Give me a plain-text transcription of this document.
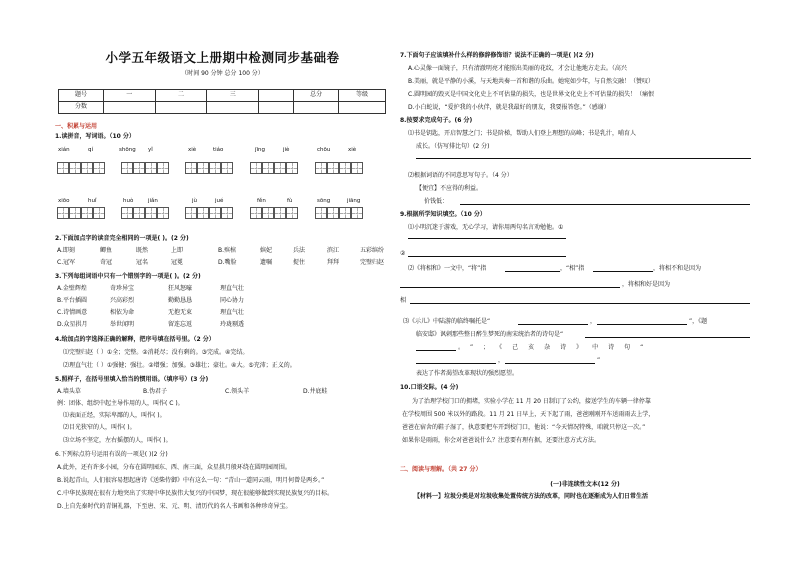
小学五年级语文上册期中检测同步基础卷
（时间 90 分钟 总分 100 分）
题号	一	二	三		总分	等级
分数						
一、积累与运用
1.读拼音，写词语。（10 分）
xián	qí	shōng yǐ	xiè	tiáo	jīng	jiè	chōu	xiè
xiōo	huǐ	huò	jiǎn	jù	jué	fěn	fù	sōng	jiāng
2.下面加点字的读音完全相同的一项是( )。(2 分)
A.即刻	鲫鱼	既然	上即	B.殡棺	嫔妃	兵法	滨江	五彩缤纷
C.冠军	奇冠	冠名	冠冕	D.嘴脸	遗嘱	捉住	拜拜	完璧归赵
3.下列每组词语中只有一个错别字的一项是( )。(2 分)
A.金壁辉煌	奇珍异宝	狂风怒嚎	理直气壮
B.平台插圆	兴高彩烈	勤勤恳恳	同心协力
C.诗情画意	相依为命	无抱无束	理直气壮
D.众星拱月	举世闻明	留连忘返	玲珑剔透
4.给加点的字选择正确的解释，把序号填在括号里。（2 分）
⑴完璧归赵（ ）①全；完整。②消耗尽；没有剩的。③完成。④完结。
⑵理直气壮（ ）①强健；强壮。②增强；加强。③雄壮；豪壮。④大。⑤充沛；正义的。
5.照样子，在括号里填入恰当的惯用语。（填序号）(3 分)
A.墙头草	B.伪君子	C.领头羊	D.井底蛙
例：团体、组织中起主导作用的人，叫作( C )。
⑴表面正经，实际卑鄙的人，叫作( )。
⑵目光狭窄的人，叫作( )。
⑶立场不坚定，左右摇摆的人，叫作( )。
6.下列标点符号运用有误的一项是( )(2 分)
A.此外，还有许多小园，分布在圆明园东、西、南三面，众星拱月般环绕在圆明园周围。
B.说起青山，人们很容易想起唐诗《送柴侍御》中有这么一句：“青山一道同云雨，明月何曾是两乡。”
C.中华民族现在很有力地突出了实现中华民族伟大复兴的中国梦，现在很能够做到实现民族复兴的目标。
D.上自先秦时代的青铜礼器，下至唐、宋、元、明、清历代的名人书画和各种珍奇异宝。
7.下面句子应该填补什么样的修辞修饰语？说法不正确的一项是( )(2 分)
A.心灵像一面镜子，只有清澈明亮才能照出美丽的花纹，才会让他地方走去。（高兴
B.美丽，就是平静的小溪，与天地共奏一首和谐的乐曲。她宛如少年，与自然交融！（赞叹）
C.圆明园的毁灭是中国文化史上不可估量的损失，也是世界文化史上不可估量的损失！（痛恨
D.小白蛇说，“爱护我的小伙伴，就是我最好的朋友，我要报答您。”（感谢）
8.按要求完成句子。(6 分)
⑴书是钥匙，开启智慧之门；书是阶梯，帮助人们登上理想的高峰；书是乳汁，哺育人
成长。（仿写排比句）(2 分)
⑵根据词语的不同意思写句子。（4 分）
【便宜】不应得的利益。
价钱低：
9.根据所学知识填空。（10 分）
⑴小明沉迷于游戏，无心学习，请你用两句名言劝勉他。①
②
⑵《将相和》一文中，“将”指	，“相”指	，将相不和是因为
，将相和好是因为
相
⑶《示儿》中陆游的临终嘱托是“	，	”，《题
临安邸》讽刺那些整日醉生梦死的南宋统治者的诗句是“
。 ”；《己亥杂诗》中诗句“
，	”
表达了作者渴望改革现状的强烈愿望。
10.口语交际。(4 分)
为了治理学校门口的拥堵，实验小学在 11 月 20 日制订了公约，接送学生的车辆一律停靠
在学校周围 500 米以外的路段。11 月 21 日早上，天下起了雨，爸爸刚刚开车送雨雨去上学，
爸爸在宿舍的鞋子湿了，执意要把车开到校门口，他说：“今天情况特殊，咱就只停这一次。”
如果你是雨雨，你会对爸爸说什么？注意要有理有据，还要注意方式方法。
二、阅读与理解。（共 27 分）
(一)非连续性文本(12 分)
【材料一】垃圾分类是对垃圾收集处置传统方法的改革，同时也在逐渐成为人们日常生活
